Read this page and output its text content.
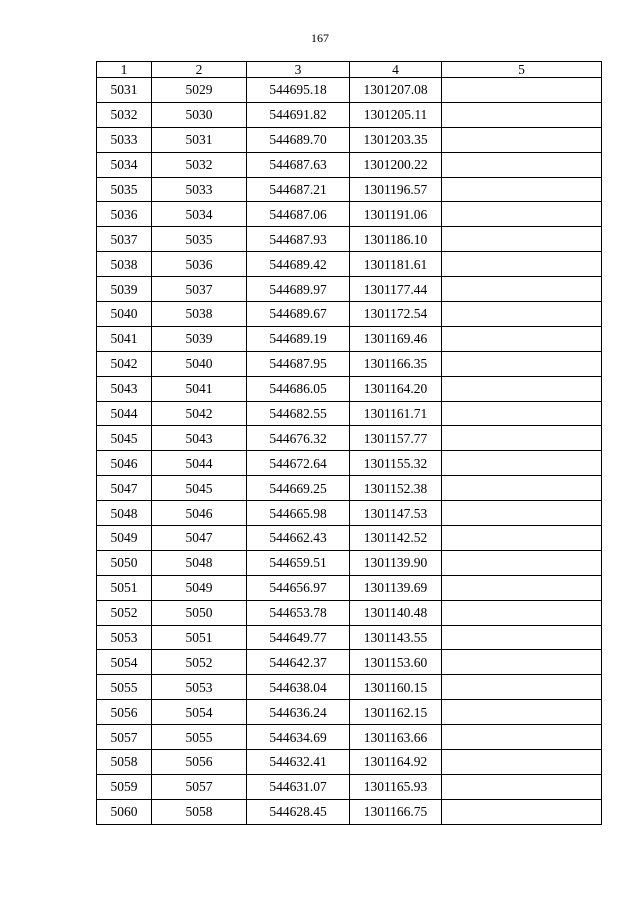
167
1	2	3	4	5
5031	5029	544695.18	1301207.08	
5032	5030	544691.82	1301205.11	
5033	5031	544689.70	1301203.35	
5034	5032	544687.63	1301200.22	
5035	5033	544687.21	1301196.57	
5036	5034	544687.06	1301191.06	
5037	5035	544687.93	1301186.10	
5038	5036	544689.42	1301181.61	
5039	5037	544689.97	1301177.44	
5040	5038	544689.67	1301172.54	
5041	5039	544689.19	1301169.46	
5042	5040	544687.95	1301166.35	
5043	5041	544686.05	1301164.20	
5044	5042	544682.55	1301161.71	
5045	5043	544676.32	1301157.77	
5046	5044	544672.64	1301155.32	
5047	5045	544669.25	1301152.38	
5048	5046	544665.98	1301147.53	
5049	5047	544662.43	1301142.52	
5050	5048	544659.51	1301139.90	
5051	5049	544656.97	1301139.69	
5052	5050	544653.78	1301140.48	
5053	5051	544649.77	1301143.55	
5054	5052	544642.37	1301153.60	
5055	5053	544638.04	1301160.15	
5056	5054	544636.24	1301162.15	
5057	5055	544634.69	1301163.66	
5058	5056	544632.41	1301164.92	
5059	5057	544631.07	1301165.93	
5060	5058	544628.45	1301166.75	
